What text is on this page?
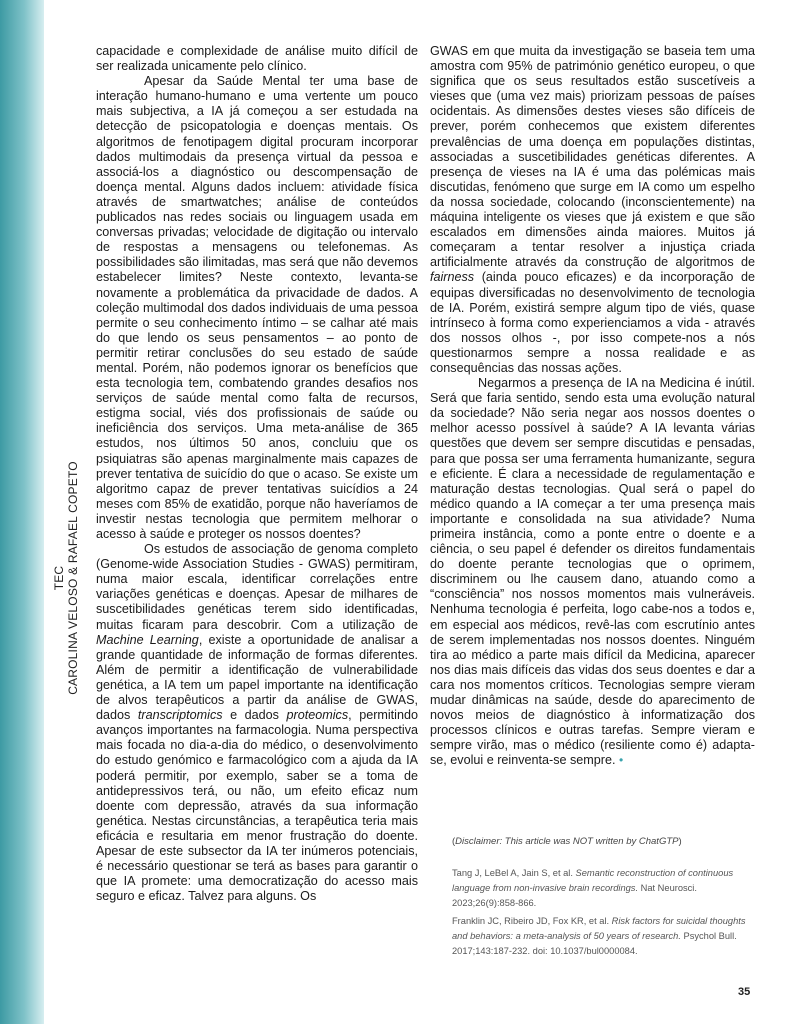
TEC CAROLINA VELOSO & RAFAEL COPETO

capacidade e complexidade de análise muito difícil de ser realizada unicamente pelo clínico.

Apesar da Saúde Mental ter uma base de interação humano-humano e uma vertente um pouco mais subjectiva, a IA já começou a ser estudada na detecção de psicopatologia e doenças mentais. Os algoritmos de fenotipagem digital procuram incorporar dados multimodais da presença virtual da pessoa e associá-los a diagnóstico ou descompensação de doença mental. Alguns dados incluem: atividade física através de smartwatches; análise de conteúdos publicados nas redes sociais ou linguagem usada em conversas privadas; velocidade de digitação ou intervalo de respostas a mensagens ou telefonemas. As possibilidades são ilimitadas, mas será que não devemos estabelecer limites? Neste contexto, levanta-se novamente a problemática da privacidade de dados. A coleção multimodal dos dados individuais de uma pessoa permite o seu conhecimento íntimo – se calhar até mais do que lendo os seus pensamentos – ao ponto de permitir retirar conclusões do seu estado de saúde mental. Porém, não podemos ignorar os benefícios que esta tecnologia tem, combatendo grandes desafios nos serviços de saúde mental como falta de recursos, estigma social, viés dos profissionais de saúde ou ineficiência dos serviços. Uma meta-análise de 365 estudos, nos últimos 50 anos, concluiu que os psiquiatras são apenas marginalmente mais capazes de prever tentativa de suicídio do que o acaso. Se existe um algoritmo capaz de prever tentativas suicídios a 24 meses com 85% de exatidão, porque não haveríamos de investir nestas tecnologia que permitem melhorar o acesso à saúde e proteger os nossos doentes?

Os estudos de associação de genoma completo (Genome-wide Association Studies - GWAS) permitiram, numa maior escala, identificar correlações entre variações genéticas e doenças. Apesar de milhares de suscetibilidades genéticas terem sido identificadas, muitas ficaram para descobrir. Com a utilização de Machine Learning, existe a oportunidade de analisar a grande quantidade de informação de formas diferentes. Além de permitir a identificação de vulnerabilidade genética, a IA tem um papel importante na identificação de alvos terapêuticos a partir da análise de GWAS, dados transcriptomics e dados proteomics, permitindo avanços importantes na farmacologia. Numa perspectiva mais focada no dia-a-dia do médico, o desenvolvimento do estudo genómico e farmacológico com a ajuda da IA poderá permitir, por exemplo, saber se a toma de antidepressivos terá, ou não, um efeito eficaz num doente com depressão, através da sua informação genética. Nestas circunstâncias, a terapêutica teria mais eficácia e resultaria em menor frustração do doente. Apesar de este subsector da IA ter inúmeros potenciais, é necessário questionar se terá as bases para garantir o que IA promete: uma democratização do acesso mais seguro e eficaz. Talvez para alguns. Os

GWAS em que muita da investigação se baseia tem uma amostra com 95% de património genético europeu, o que significa que os seus resultados estão suscetíveis a vieses que (uma vez mais) priorizam pessoas de países ocidentais. As dimensões destes vieses são difíceis de prever, porém conhecemos que existem diferentes prevalências de uma doença em populações distintas, associadas a suscetibilidades genéticas diferentes. A presença de vieses na IA é uma das polémicas mais discutidas, fenómeno que surge em IA como um espelho da nossa sociedade, colocando (inconscientemente) na máquina inteligente os vieses que já existem e que são escalados em dimensões ainda maiores. Muitos já começaram a tentar resolver a injustiça criada artificialmente através da construção de algoritmos de fairness (ainda pouco eficazes) e da incorporação de equipas diversificadas no desenvolvimento de tecnologia de IA. Porém, existirá sempre algum tipo de viés, quase intrínseco à forma como experienciamos a vida - através dos nossos olhos -, por isso compete-nos a nós questionarmos sempre a nossa realidade e as consequências das nossas ações.

Negarmos a presença de IA na Medicina é inútil. Será que faria sentido, sendo esta uma evolução natural da sociedade? Não seria negar aos nossos doentes o melhor acesso possível à saúde? A IA levanta várias questões que devem ser sempre discutidas e pensadas, para que possa ser uma ferramenta humanizante, segura e eficiente. É clara a necessidade de regulamentação e maturação destas tecnologias. Qual será o papel do médico quando a IA começar a ter uma presença mais importante e consolidada na sua atividade? Numa primeira instância, como a ponte entre o doente e a ciência, o seu papel é defender os direitos fundamentais do doente perante tecnologias que o oprimem, discriminem ou lhe causem dano, atuando como a “consciência” nos nossos momentos mais vulneráveis. Nenhuma tecnologia é perfeita, logo cabe-nos a todos e, em especial aos médicos, revê-las com escrutínio antes de serem implementadas nos nossos doentes. Ninguém tira ao médico a parte mais difícil da Medicina, aparecer nos dias mais difíceis das vidas dos seus doentes e dar a cara nos momentos críticos. Tecnologias sempre vieram mudar dinâmicas na saúde, desde do aparecimento de novos meios de diagnóstico à informatização dos processos clínicos e outras tarefas. Sempre vieram e sempre virão, mas o médico (resiliente como é) adapta-se, evolui e reinventa-se sempre. •

(Disclaimer: This article was NOT written by ChatGTP)
Tang J, LeBel A, Jain S, et al. Semantic reconstruction of continuous language from non-invasive brain recordings. Nat Neurosci. 2023;26(9):858-866.
Franklin JC, Ribeiro JD, Fox KR, et al. Risk factors for suicidal thoughts and behaviors: a meta-analysis of 50 years of research. Psychol Bull. 2017;143:187-232. doi: 10.1037/bul0000084.
35
